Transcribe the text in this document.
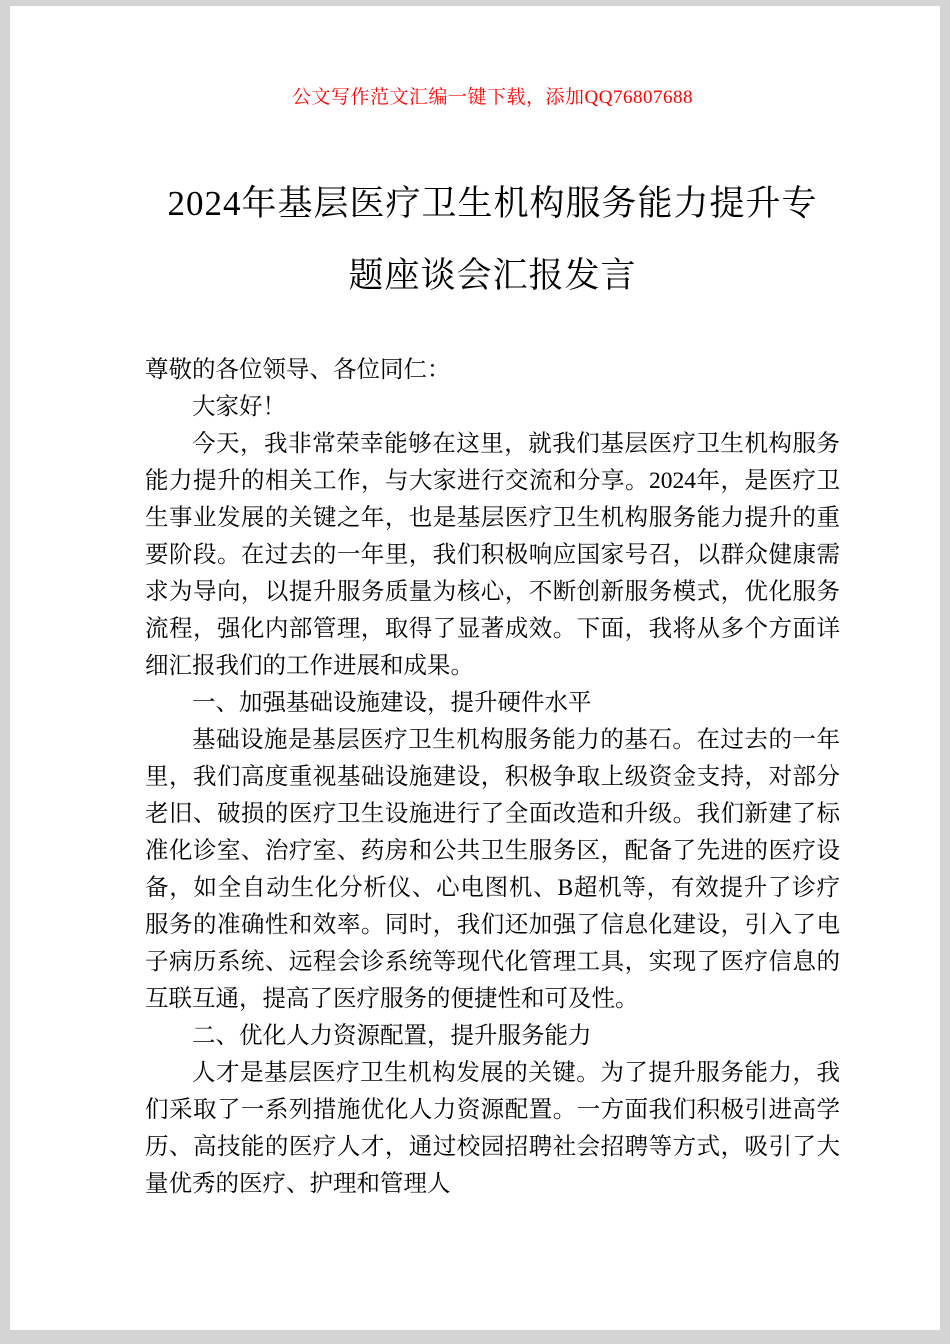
公文写作范文汇编一键下载，添加QQ76807688
2024年基层医疗卫生机构服务能力提升专
题座谈会汇报发言

尊敬的各位领导、各位同仁：

大家好！

今天，我非常荣幸能够在这里，就我们基层医疗卫生机构服务能力提升的相关工作，与大家进行交流和分享。2024年，是医疗卫生事业发展的关键之年，也是基层医疗卫生机构服务能力提升的重要阶段。在过去的一年里，我们积极响应国家号召，以群众健康需求为导向，以提升服务质量为核心，不断创新服务模式，优化服务流程，强化内部管理，取得了显著成效。下面，我将从多个方面详细汇报我们的工作进展和成果。

一、加强基础设施建设，提升硬件水平

基础设施是基层医疗卫生机构服务能力的基石。在过去的一年里，我们高度重视基础设施建设，积极争取上级资金支持，对部分老旧、破损的医疗卫生设施进行了全面改造和升级。我们新建了标准化诊室、治疗室、药房和公共卫生服务区，配备了先进的医疗设备，如全自动生化分析仪、心电图机、B超机等，有效提升了诊疗服务的准确性和效率。同时，我们还加强了信息化建设，引入了电子病历系统、远程会诊系统等现代化管理工具，实现了医疗信息的互联互通，提高了医疗服务的便捷性和可及性。

二、优化人力资源配置，提升服务能力

人才是基层医疗卫生机构发展的关键。为了提升服务能力，我们采取了一系列措施优化人力资源配置。一方面我们积极引进高学历、高技能的医疗人才，通过校园招聘社会招聘等方式，吸引了大量优秀的医疗、护理和管理人
